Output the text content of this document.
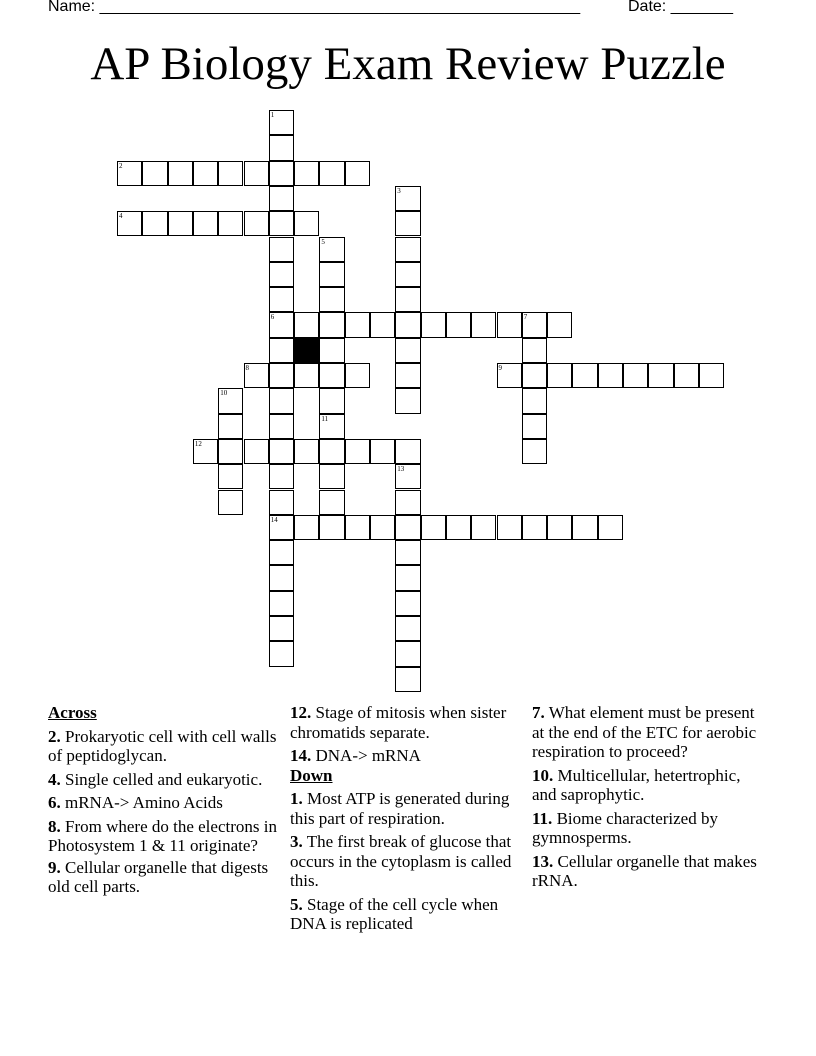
Name: ______________________________________________________	Date: _______
AP Biology Exam Review Puzzle
1
6
14
2
3
4
5
11
7
8	9
10
12
13
Across
2. Prokaryotic cell with cell walls of peptidoglycan.
4. Single celled and eukaryotic.
6. mRNA-> Amino Acids
8. From where do the electrons in Photosystem 1 & 11 originate?
9. Cellular organelle that digests old cell parts.
12. Stage of mitosis when sister chromatids separate.
14. DNA-> mRNA
Down
1. Most ATP is generated during this part of respiration.
3. The first break of glucose that occurs in the cytoplasm is called this.
5. Stage of the cell cycle when DNA is replicated
7. What element must be present at the end of the ETC for aerobic respiration to proceed?
10. Multicellular, hetertrophic, and saprophytic.
11. Biome characterized by gymnosperms.
13. Cellular organelle that makes rRNA.
